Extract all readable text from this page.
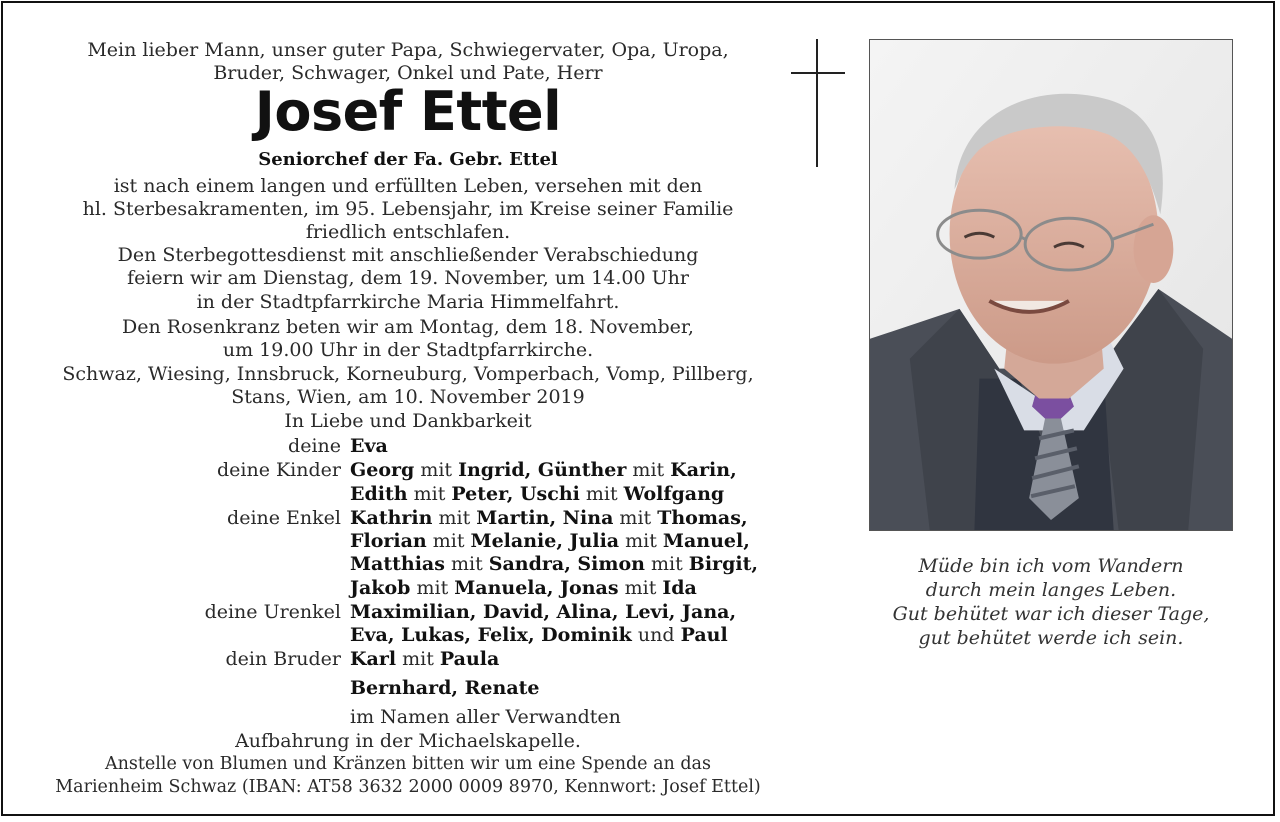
Mein lieber Mann, unser guter Papa, Schwiegervater, Opa, Uropa,
Bruder, Schwager, Onkel und Pate, Herr
Josef Ettel
Seniorchef der Fa. Gebr. Ettel
ist nach einem langen und erfüllten Leben, versehen mit den
hl. Sterbesakramenten, im 95. Lebensjahr, im Kreise seiner Familie
friedlich entschlafen.
Den Sterbegottesdienst mit anschließender Verabschiedung
feiern wir am Dienstag, dem 19. November, um 14.00 Uhr
in der Stadtpfarrkirche Maria Himmelfahrt.
Den Rosenkranz beten wir am Montag, dem 18. November,
um 19.00 Uhr in der Stadtpfarrkirche.
Schwaz, Wiesing, Innsbruck, Korneuburg, Vomperbach, Vomp, Pillberg,
Stans, Wien, am 10. November 2019
In Liebe und Dankbarkeit
deine Eva
deine Kinder Georg mit Ingrid, Günther mit Karin,
Edith mit Peter, Uschi mit Wolfgang
deine Enkel Kathrin mit Martin, Nina mit Thomas,
Florian mit Melanie, Julia mit Manuel,
Matthias mit Sandra, Simon mit Birgit,
Jakob mit Manuela, Jonas mit Ida
deine Urenkel Maximilian, David, Alina, Levi, Jana,
Eva, Lukas, Felix, Dominik und Paul
dein Bruder Karl mit Paula
Bernhard, Renate
im Namen aller Verwandten
Aufbahrung in der Michaelskapelle.
Anstelle von Blumen und Kränzen bitten wir um eine Spende an das
Marienheim Schwaz (IBAN: AT58 3632 2000 0009 8970, Kennwort: Josef Ettel)
Müde bin ich vom Wandern
durch mein langes Leben.
Gut behütet war ich dieser Tage,
gut behütet werde ich sein.
